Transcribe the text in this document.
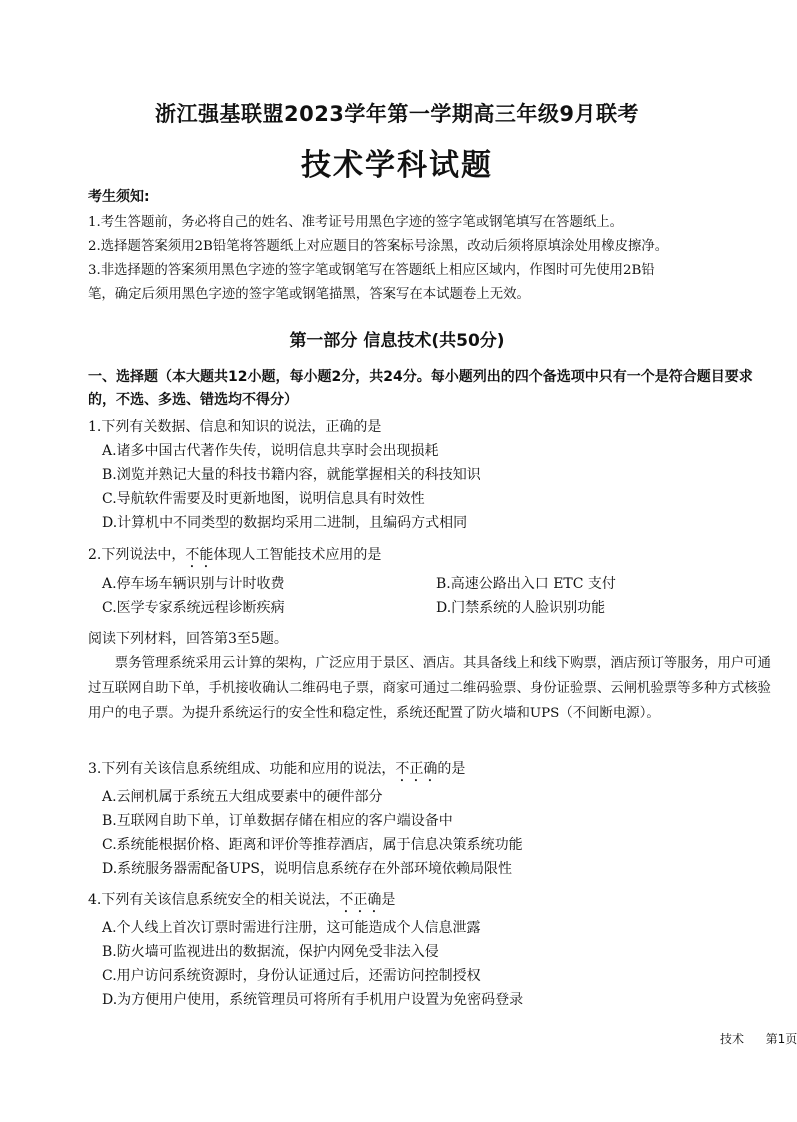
浙江强基联盟2023学年第一学期高三年级9月联考
技术学科试题
考生须知:
1.考生答题前，务必将自己的姓名、准考证号用黑色字迹的签字笔或钢笔填写在答题纸上。
2.选择题答案须用2B铅笔将答题纸上对应题目的答案标号涂黑，改动后须将原填涂处用橡皮擦净。
3.非选择题的答案须用黑色字迹的签字笔或钢笔写在答题纸上相应区域内，作图时可先使用2B铅
笔，确定后须用黑色字迹的签字笔或钢笔描黑，答案写在本试题卷上无效。
第一部分 信息技术(共50分)
一、选择题（本大题共12小题，每小题2分，共24分。每小题列出的四个备选项中只有一个是符合题目要求的，不选、多选、错选均不得分）
1.下列有关数据、信息和知识的说法，正确的是
A.诸多中国古代著作失传，说明信息共享时会出现损耗
B.浏览并熟记大量的科技书籍内容，就能掌握相关的科技知识
C.导航软件需要及时更新地图，说明信息具有时效性
D.计算机中不同类型的数据均采用二进制，且编码方式相同
2.下列说法中，不能体现人工智能技术应用的是
A.停车场车辆识别与计时收费	B.高速公路出入口 ETC 支付
C.医学专家系统远程诊断疾病	D.门禁系统的人脸识别功能
阅读下列材料，回答第3至5题。

票务管理系统采用云计算的架构，广泛应用于景区、酒店。其具备线上和线下购票，酒店预订等服务，用户可通过互联网自助下单，手机接收确认二维码电子票，商家可通过二维码验票、身份证验票、云闸机验票等多种方式核验用户的电子票。为提升系统运行的安全性和稳定性，系统还配置了防火墙和UPS（不间断电源）。

3.下列有关该信息系统组成、功能和应用的说法，不正确的是
A.云闸机属于系统五大组成要素中的硬件部分
B.互联网自助下单，订单数据存储在相应的客户端设备中
C.系统能根据价格、距离和评价等推荐酒店，属于信息决策系统功能
D.系统服务器需配备UPS，说明信息系统存在外部环境依赖局限性
4.下列有关该信息系统安全的相关说法，不正确是
A.个人线上首次订票时需进行注册，这可能造成个人信息泄露
B.防火墙可监视进出的数据流，保护内网免受非法入侵
C.用户访问系统资源时，身份认证通过后，还需访问控制授权
D.为方便用户使用，系统管理员可将所有手机用户设置为免密码登录
技术 第1页
